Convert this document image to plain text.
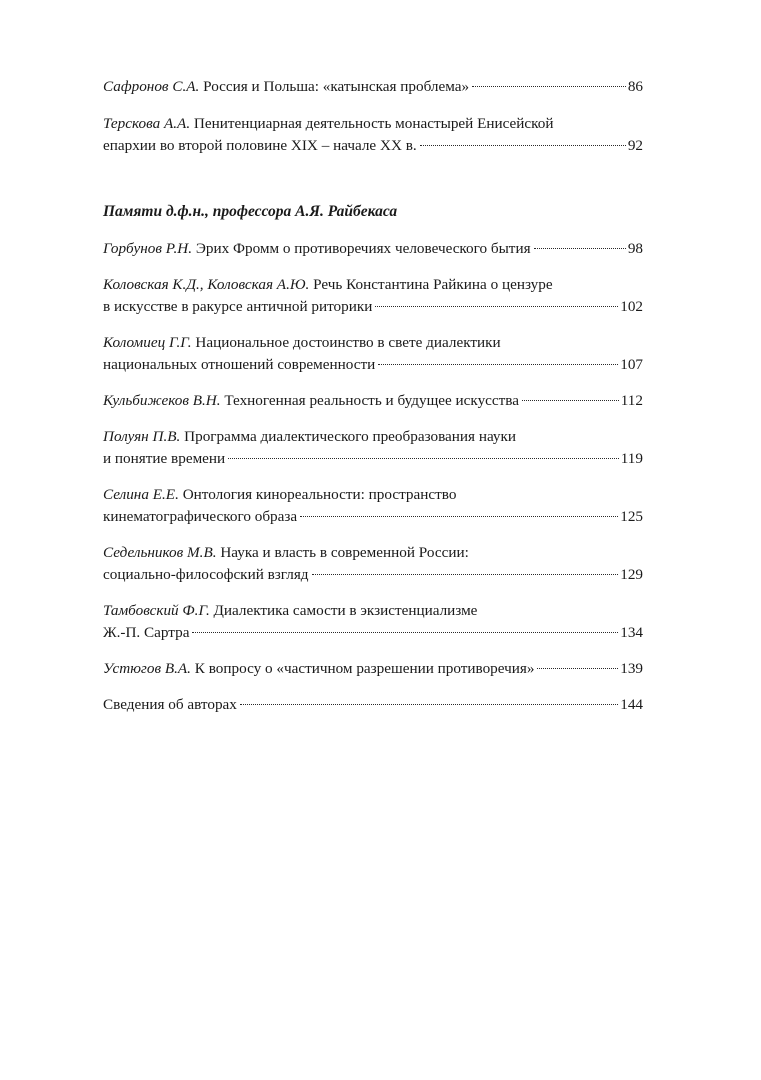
Сафронов С.А. Россия и Польша: «катынская проблема»	86
Терскова А.А. Пенитенциарная деятельность монастырей Енисейской
епархии во второй половине XIX – начале XX в.	92
Памяти д.ф.н., профессора А.Я. Райбекаса
Горбунов Р.Н. Эрих Фромм о противоречиях человеческого бытия	98
Коловская К.Д., Коловская А.Ю. Речь Константина Райкина о цензуре
в искусстве в ракурсе античной риторики	102
Коломиец Г.Г. Национальное достоинство в свете диалектики
национальных отношений современности	107
Кульбижеков В.Н. Техногенная реальность и будущее искусства	112
Полуян П.В. Программа диалектического преобразования науки
и понятие времени	119
Селина Е.Е. Онтология кинореальности: пространство
кинематографического образа	125
Седельников М.В. Наука и власть в современной России:
социально-философский взгляд	129
Тамбовский Ф.Г. Диалектика самости в экзистенциализме
Ж.-П. Сартра	134
Устюгов В.А. К вопросу о «частичном разрешении противоречия»	139
Сведения об авторах	144
